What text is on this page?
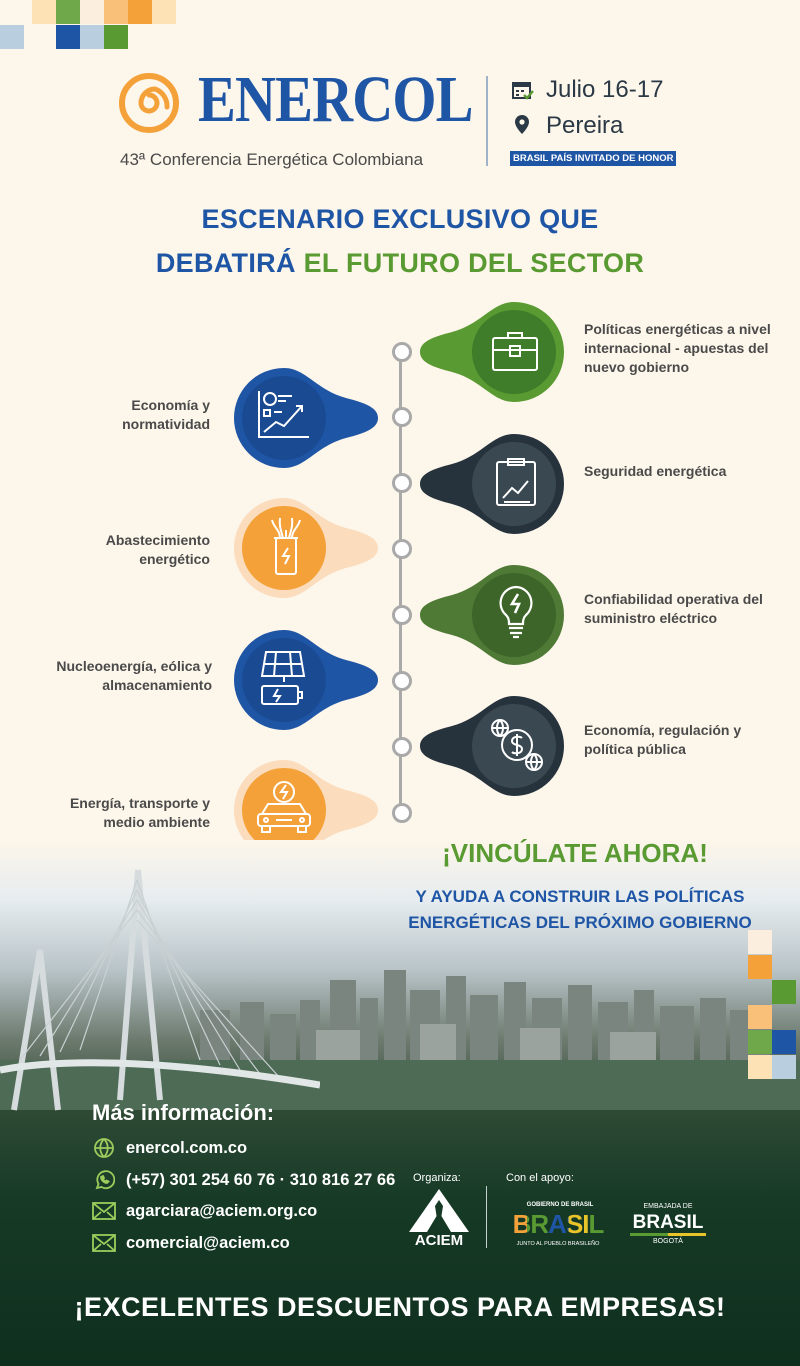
ENERCOL
43ª Conferencia Energética Colombiana
Julio 16-17
Pereira
BRASIL PAÍS INVITADO DE HONOR
ESCENARIO EXCLUSIVO QUE
DEBATIRÁ EL FUTURO DEL SECTOR
Políticas energéticas a nivel internacional - apuestas del nuevo gobierno
Seguridad energética
Confiabilidad operativa del suministro eléctrico
Economía, regulación y política pública
Economía y normatividad
Abastecimiento energético
Nucleoenergía, eólica y almacenamiento
Energía, transporte y medio ambiente
¡VINCÚLATE AHORA!
Y AYUDA A CONSTRUIR LAS POLÍTICAS
ENERGÉTICAS DEL PRÓXIMO GOBIERNO
Más información:
enercol.com.co
(+57) 301 254 60 76 · 310 816 27 66
agarciara@aciem.org.co
comercial@aciem.co
Organiza:
ACIEM
Con el apoyo:
GOBIERNO DE BRASIL
BRASIL
JUNTO AL PUEBLO BRASILEÑO
EMBAJADA DE
BRASIL
BOGOTÁ
¡EXCELENTES DESCUENTOS PARA EMPRESAS!
